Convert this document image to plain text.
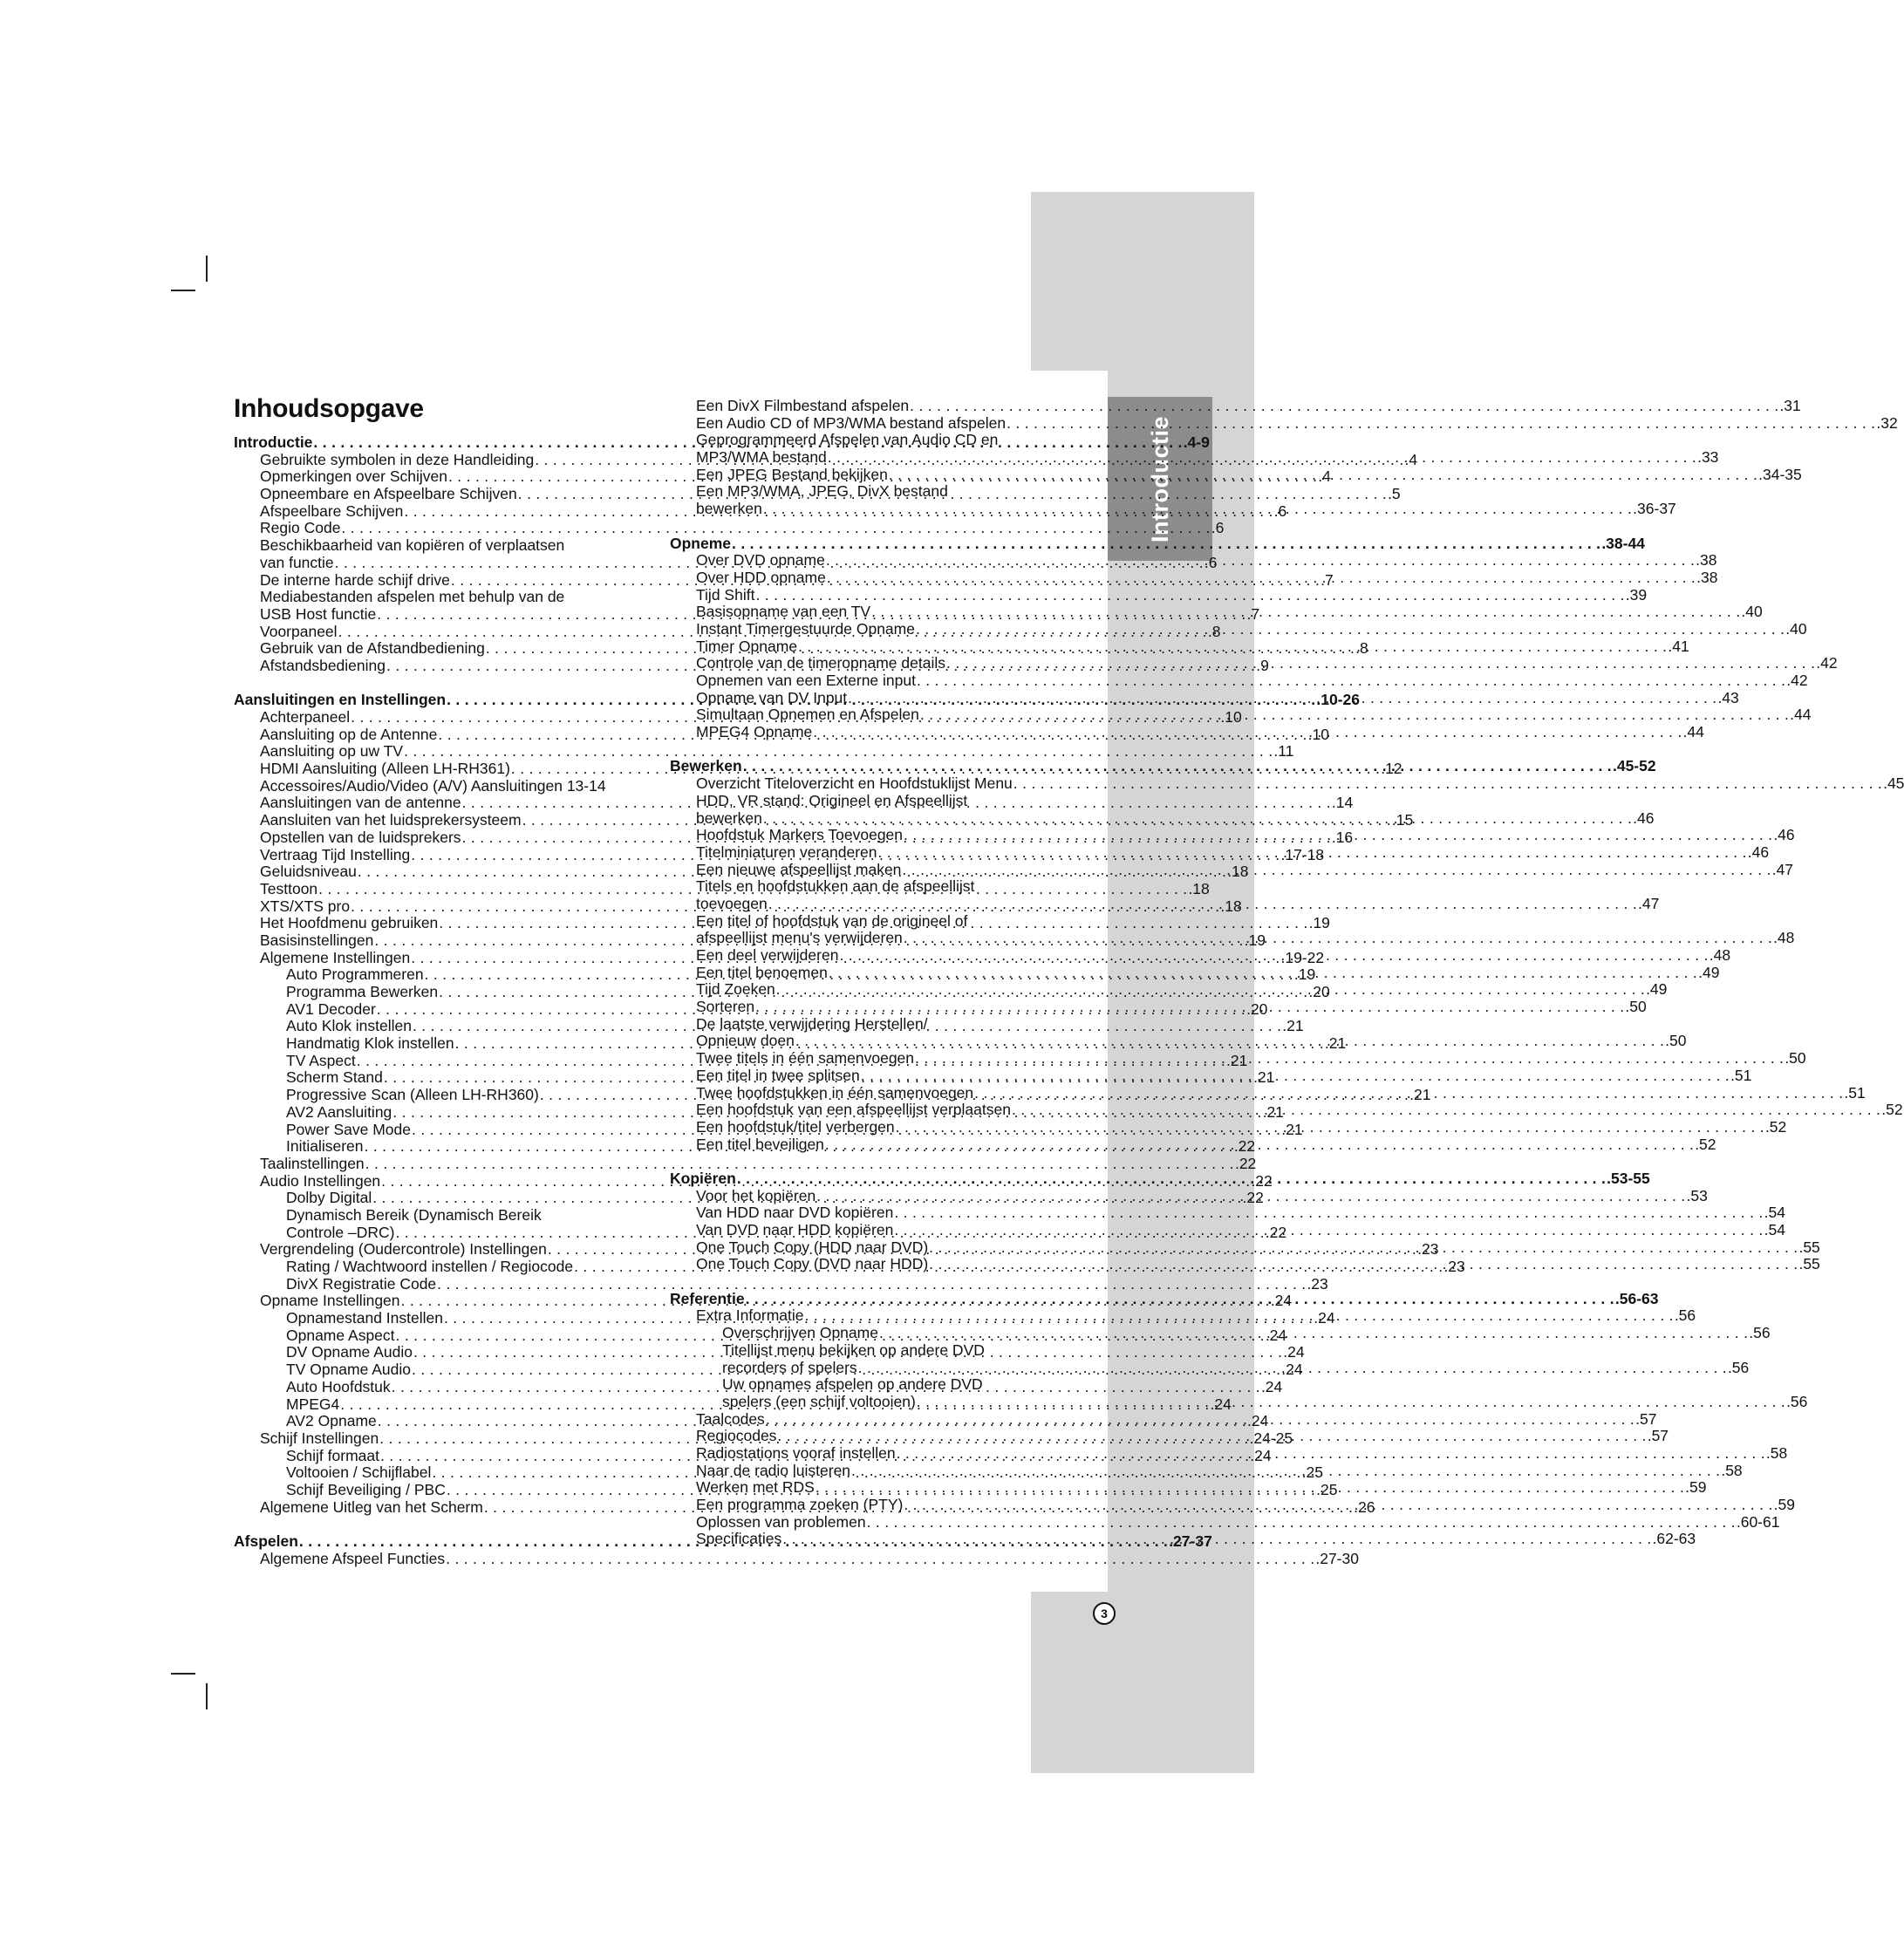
Introductie
3
Inhoudsopgave
Introductie . . .	.4-9
Gebruikte symbolen in deze Handleiding . . .	.4
Opmerkingen over Schijven . . .	.4
Opneembare en Afspeelbare Schijven . . .	.5
Afspeelbare Schijven . . .	.6
Regio Code . . .	.6
Beschikbaarheid van kopiëren of verplaatsen
van functie . . .	.6
De interne harde schijf drive . . .	.7
Mediabestanden afspelen met behulp van de
USB Host functie . . .	.7
Voorpaneel . . .	.8
Gebruik van de Afstandbediening . . .	.8
Afstandsbediening . . .	.9
Aansluitingen en Instellingen . . .	.10-26
Achterpaneel . . .	.10
Aansluiting op de Antenne . . .	.10
Aansluiting op uw TV . . .	.11
HDMI Aansluiting (Alleen LH-RH361) . . .	.12
Accessoires/Audio/Video (A/V) Aansluitingen 13-14
Aansluitingen van de antenne . . .	.14
Aansluiten van het luidsprekersysteem . . .	.15
Opstellen van de luidsprekers . . .	.16
Vertraag Tijd Instelling . . .	.17-18
Geluidsniveau . . .	.18
Testtoon . . .	.18
XTS/XTS pro . . .	.18
Het Hoofdmenu gebruiken . . .	.19
Basisinstellingen . . .	.19
Algemene Instellingen . . .	.19-22
Auto Programmeren . . .	.19
Programma Bewerken . . .	.20
AV1 Decoder . . .	.20
Auto Klok instellen . . .	.21
Handmatig Klok instellen . . .	.21
TV Aspect . . .	.21
Scherm Stand . . .	.21
Progressive Scan (Alleen LH-RH360) . . .	.21
AV2 Aansluiting . . .	.21
Power Save Mode . . .	.21
Initialiseren . . .	.22
Taalinstellingen . . .	.22
Audio Instellingen . . .	.22
Dolby Digital . . .	.22
Dynamisch Bereik (Dynamisch Bereik
Controle –DRC) . . .	.22
Vergrendeling (Oudercontrole) Instellingen . . .	.23
Rating / Wachtwoord instellen / Regiocode . . .	.23
DivX Registratie Code . . .	.23
Opname Instellingen . . .	.24
Opnamestand Instellen . . .	.24
Opname Aspect . . .	.24
DV Opname Audio . . .	.24
TV Opname Audio . . .	.24
Auto Hoofdstuk . . .	.24
MPEG4 . . .	.24
AV2 Opname . . .	.24
Schijf Instellingen . . .	.24-25
Schijf formaat . . .	.24
Voltooien / Schijflabel . . .	.25
Schijf Beveiliging / PBC . . .	.25
Algemene Uitleg van het Scherm . . .	.26
Afspelen . . .	.27-37
Algemene Afspeel Functies . . .	.27-30
Een DivX Filmbestand afspelen . . .	.31
Een Audio CD of MP3/WMA bestand afspelen . . .	.32
Geprogrammeerd Afspelen van Audio CD en
MP3/WMA bestand . . .	.33
Een JPEG Bestand bekijken . . .	.34-35
Een MP3/WMA, JPEG, DivX bestand
bewerken . . .	.36-37
Opneme . . .	.38-44
Over DVD opname . . .	.38
Over HDD opname . . .	.38
Tijd Shift . . .	.39
Basisopname van een TV . . .	.40
Instant Timergestuurde Opname . . .	.40
Timer Opname . . .	.41
Controle van de timeropname details . . .	.42
Opnemen van een Externe input . . .	.42
Opname van DV Input . . .	.43
Simultaan Opnemen en Afspelen . . .	.44
MPEG4 Opname . . .	.44
Bewerken . . .	.45-52
Overzicht Titeloverzicht en Hoofdstuklijst Menu . . .	.45
HDD, VR stand: Origineel en Afspeellijst
bewerken . . .	.46
Hoofdstuk Markers Toevoegen . . .	.46
Titelminiaturen veranderen . . .	.46
Een nieuwe afspeellijst maken . . .	.47
Titels en hoofdstukken aan de afspeellijst
toevoegen . . .	.47
Een titel of hoofdstuk van de origineel of
afspeellijst menu's verwijderen . . .	.48
Een deel verwijderen . . .	.48
Een titel benoemen . . .	.49
Tijd Zoeken . . .	.49
Sorteren . . .	.50
De laatste verwijdering Herstellen/
Opnieuw doen . . .	.50
Twee titels in één samenvoegen . . .	.50
Een titel in twee splitsen . . .	.51
Twee hoofdstukken in één samenvoegen . . .	.51
Een hoofdstuk van een afspeellijst verplaatsen . . .	.52
Een hoofdstuk/titel verbergen . . .	.52
Een titel beveiligen . . .	.52
Kopiëren . . .	.53-55
Voor het kopiëren . . .	.53
Van HDD naar DVD kopiëren . . .	.54
Van DVD naar HDD kopiëren . . .	.54
One Touch Copy (HDD naar DVD) . . .	.55
One Touch Copy (DVD naar HDD) . . .	.55
Referentie . . .	.56-63
Extra Informatie . . .	.56
Overschrijven Opname . . .	.56
Titellijst menu bekijken op andere DVD
recorders of spelers . . .	.56
Uw opnames afspelen op andere DVD
spelers (een schijf voltooien) . . .	.56
Taalcodes . . .	.57
Regiocodes . . .	.57
Radiostations vooraf instellen . . .	.58
Naar de radio luisteren . . .	.58
Werken met RDS . . .	.59
Een programma zoeken (PTY) . . .	.59
Oplossen van problemen . . .	.60-61
Specificaties . . .	.62-63
